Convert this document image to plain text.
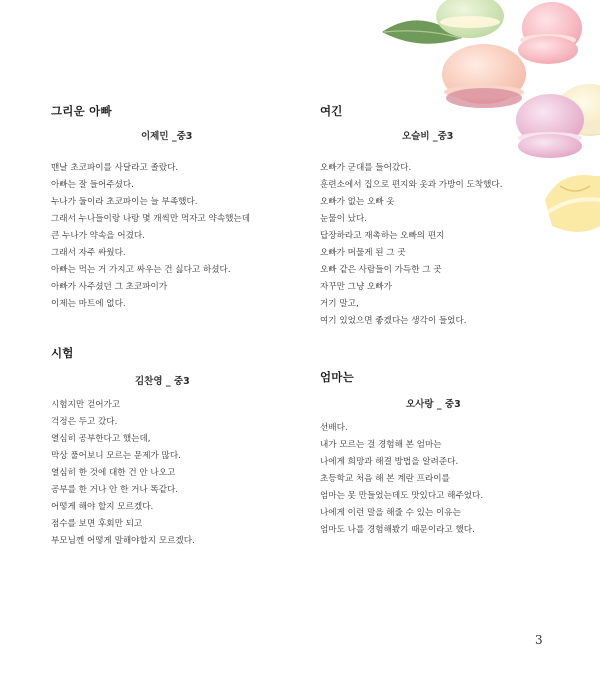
그리운 아빠
이제민 _중3
맨날 초코파이를 사달라고 졸랐다.
아빠는 잘 들어주셨다.
누나가 둘이라 초코파이는 늘 부족했다.
그래서 누나들이랑 나랑 몇 개씩만 먹자고 약속했는데
큰 누나가 약속을 어겼다.
그래서 자주 싸웠다.
아빠는 먹는 거 가지고 싸우는 건 싫다고 하셨다.
아빠가 사주셨던 그 초코파이가
이제는 마트에 없다.
시험
김찬영 _ 중3
시험지만 걷어가고
걱정은 두고 갔다.
열심히 공부한다고 했는데,
막상 풀어보니 모르는 문제가 많다.
열심히 한 것에 대한 건 안 나오고
공부를 한 거나 안 한 거나 똑같다.
어떻게 해야 할지 모르겠다.
점수를 보면 후회만 되고
부모님껜 어떻게 말해야할지 모르겠다.
여긴
오슬비 _중3
오빠가 군대를 들어갔다.
훈련소에서 집으로 편지와 옷과 가방이 도착했다.
오빠가 없는 오빠 옷
눈물이 났다.
답장하라고 재촉하는 오빠의 편지
오빠가 머물게 된 그 곳
오빠 같은 사람들이 가득한 그 곳
자꾸만 그냥 오빠가
거기 말고,
여기 있었으면 좋겠다는 생각이 들었다.
엄마는
오사랑 _ 중3
선배다.
내가 모르는 걸 경험해 본 엄마는
나에게 희망과 해결 방법을 알려준다.
초등학교 처음 해 본 계란 프라이를
엄마는 못 만들었는데도 맛있다고 해주었다.
나에게 이런 말을 해줄 수 있는 이유는
엄마도 나를 경험해봤기 때문이라고 했다.
3
